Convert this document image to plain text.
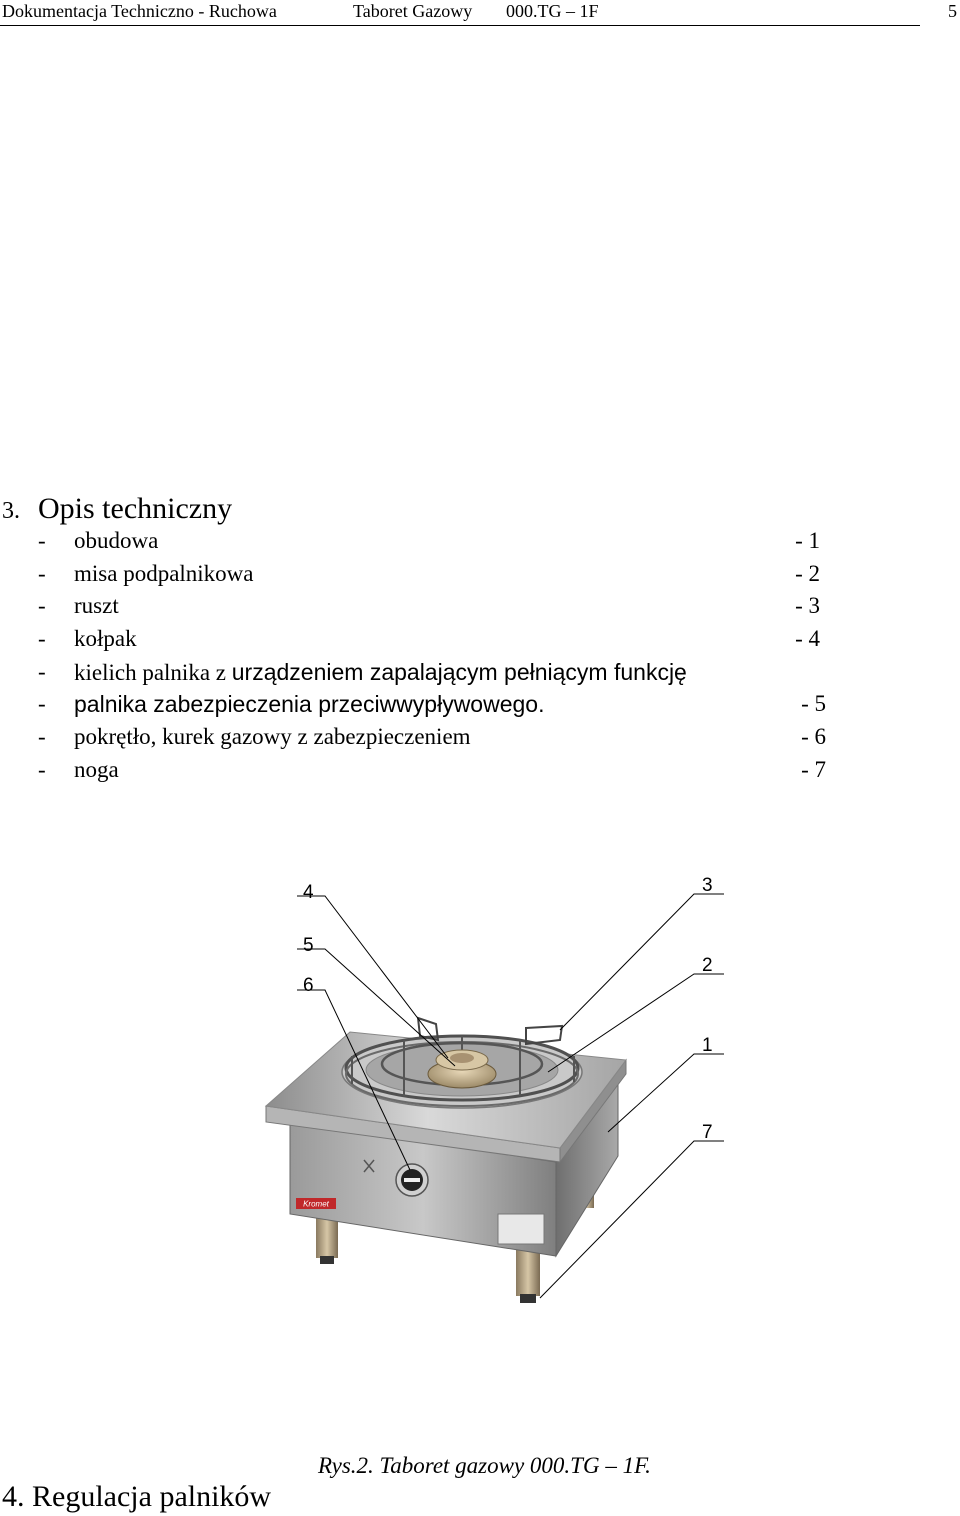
Dokumentacja Techniczno - Ruchowa	Taboret Gazowy 000.TG – 1F	5
3. Opis techniczny
- obudowa	- 1
- misa podpalnikowa	- 2
- ruszt	- 3
- kołpak	- 4
- kielich palnika z urządzeniem zapalającym pełniącym funkcję
- palnika zabezpieczenia przeciwwypływowego.	- 5
- pokrętło, kurek gazowy z zabezpieczeniem	- 6
- noga	- 7
Kromet
4
5
6
3
2
1
7
Rys.2. Taboret gazowy 000.TG – 1F.
4. Regulacja palników
